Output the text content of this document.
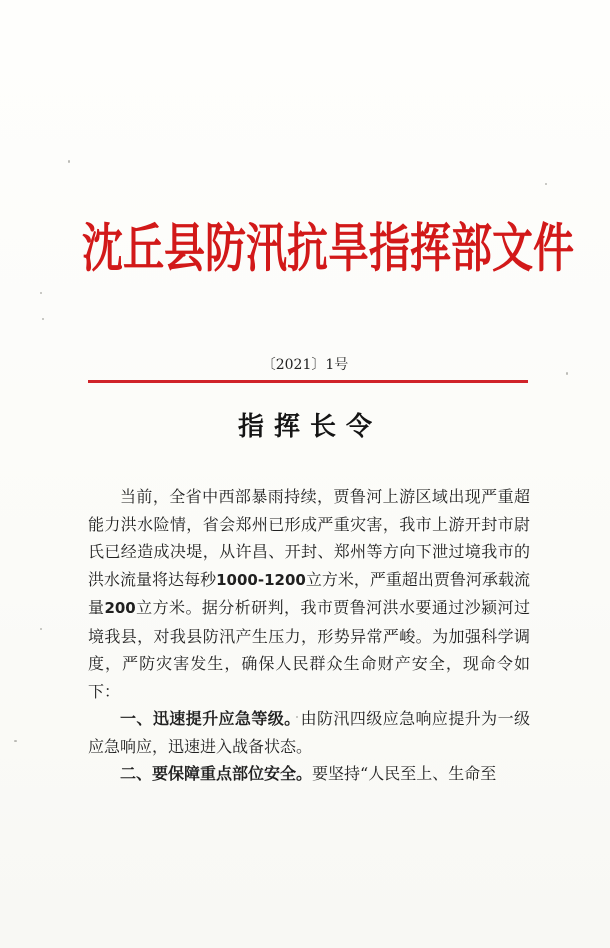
沈丘县防汛抗旱指挥部文件
〔2021〕1号
指挥长令

当前，全省中西部暴雨持续，贾鲁河上游区域出现严重超能力洪水险情，省会郑州已形成严重灾害，我市上游开封市尉氏已经造成决堤，从许昌、开封、郑州等方向下泄过境我市的洪水流量将达每秒1000-1200立方米，严重超出贾鲁河承载流量200立方米。据分析研判，我市贾鲁河洪水要通过沙颍河过境我县，对我县防汛产生压力，形势异常严峻。为加强科学调度，严防灾害发生，确保人民群众生命财产安全，现命令如下：

一、迅速提升应急等级。由防汛四级应急响应提升为一级应急响应，迅速进入战备状态。

二、要保障重点部位安全。要坚持“人民至上、生命至
